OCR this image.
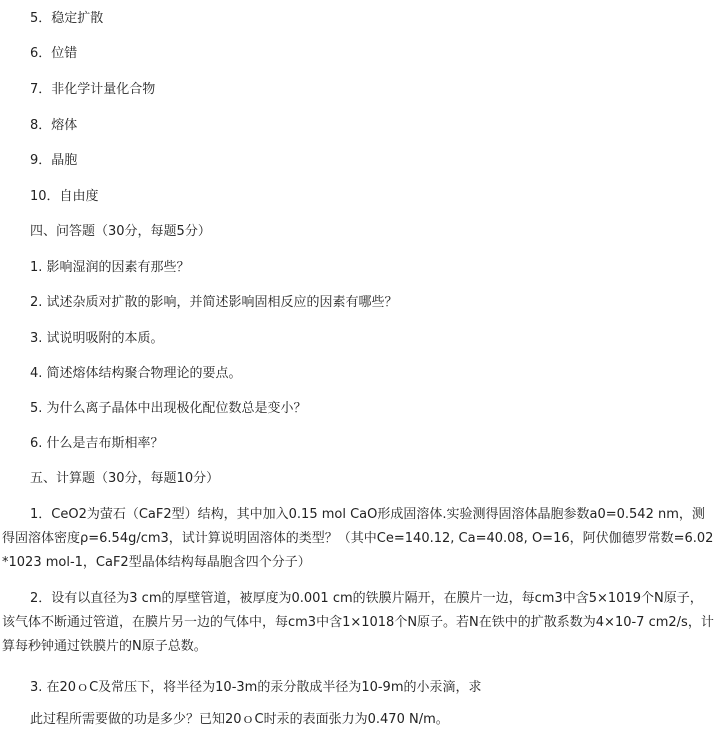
5．稳定扩散

6．位错

7．非化学计量化合物

8．熔体

9．晶胞

10．自由度

四、问答题（30分，每题5分）

1. 影响湿润的因素有那些？

2. 试述杂质对扩散的影响，并简述影响固相反应的因素有哪些？

3. 试说明吸附的本质。

4. 简述熔体结构聚合物理论的要点。

5. 为什么离子晶体中出现极化配位数总是变小？

6. 什么是吉布斯相率？

五、计算题（30分，每题10分）

1．CeO2为萤石（CaF2型）结构，其中加入0.15 mol CaO形成固溶体.实验测得固溶体晶胞参数a0=0.542 nm，测得固溶体密度ρ=6.54g/cm3，试计算说明固溶体的类型？（其中Ce=140.12, Ca=40.08, O=16，阿伏伽德罗常数=6.02*1023 mol-1，CaF2型晶体结构每晶胞含四个分子）

2．设有以直径为3 cm的厚壁管道，被厚度为0.001 cm的铁膜片隔开，在膜片一边，每cm3中含5×1019个N原子，该气体不断通过管道，在膜片另一边的气体中，每cm3中含1×1018个N原子。若N在铁中的扩散系数为4×10-7 cm2/s，计算每秒钟通过铁膜片的N原子总数。

3. 在20ｏC及常压下，将半径为10-3m的汞分散成半径为10-9m的小汞滴，求

此过程所需要做的功是多少？已知20ｏC时汞的表面张力为0.470 N/m。
